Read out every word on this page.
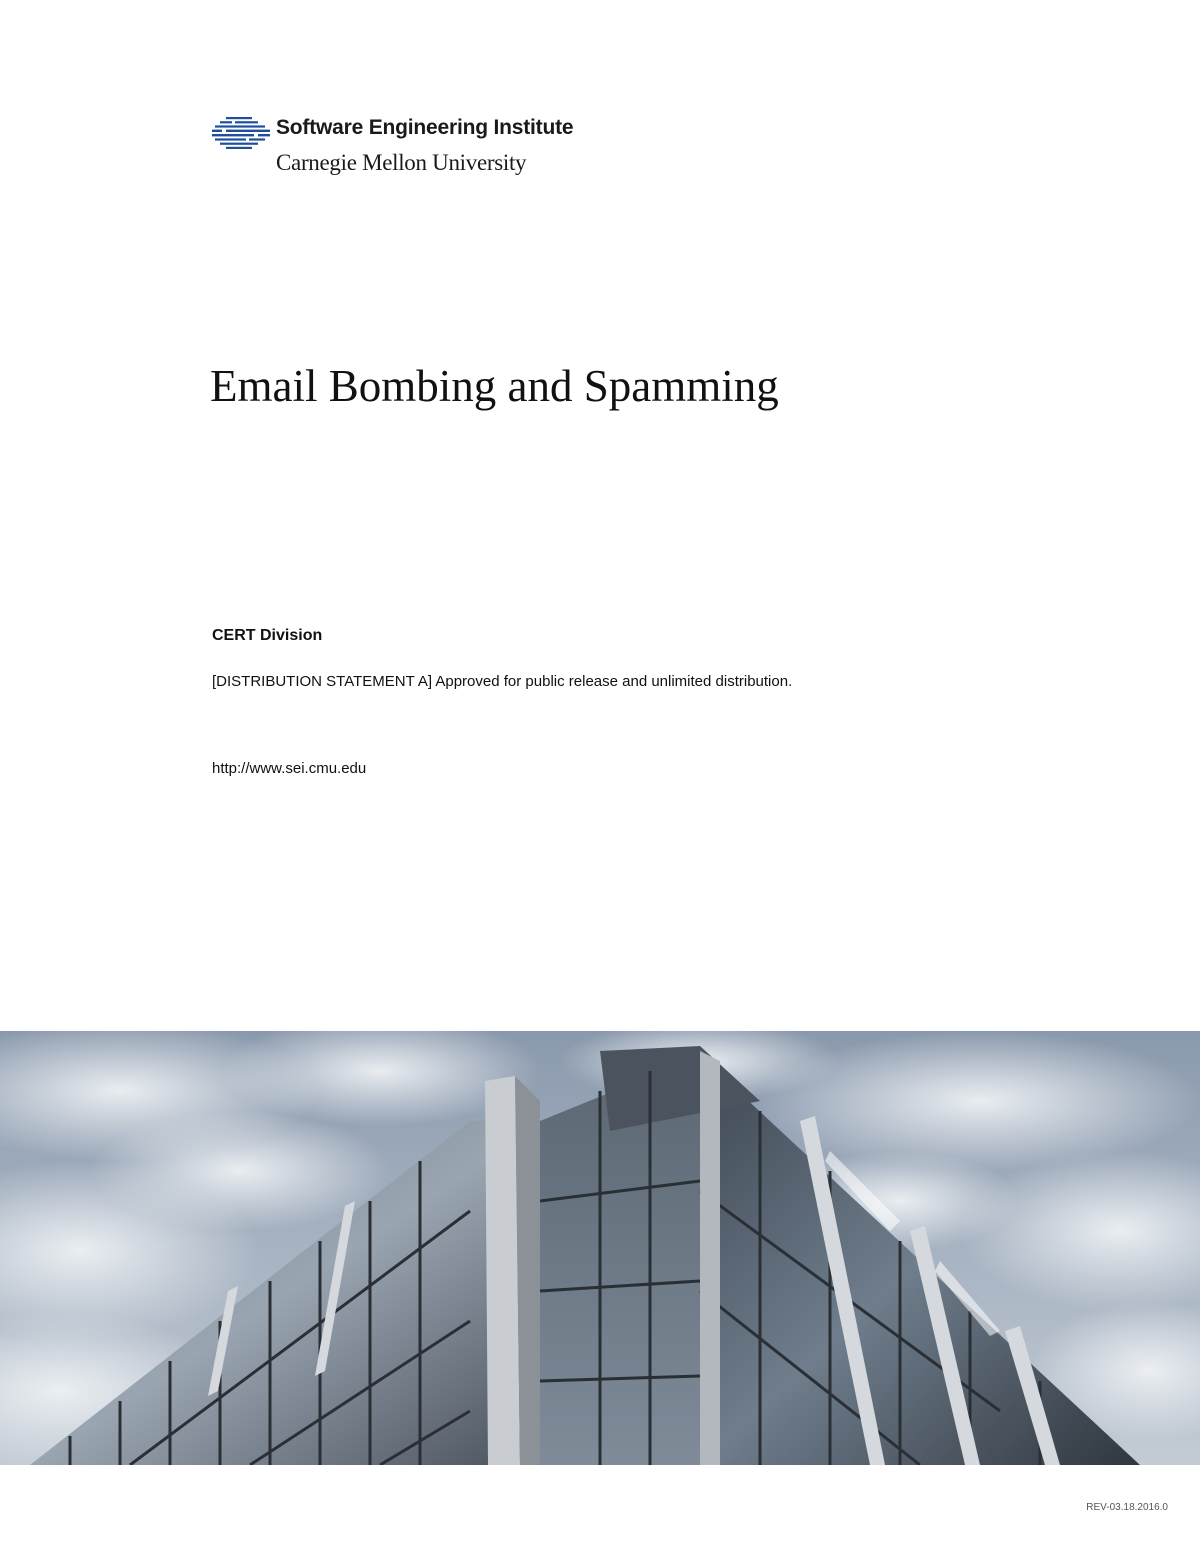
Software Engineering Institute
Carnegie Mellon University
Email Bombing and Spamming
CERT Division
[DISTRIBUTION STATEMENT A] Approved for public release and unlimited distribution.
http://www.sei.cmu.edu
REV-03.18.2016.0
